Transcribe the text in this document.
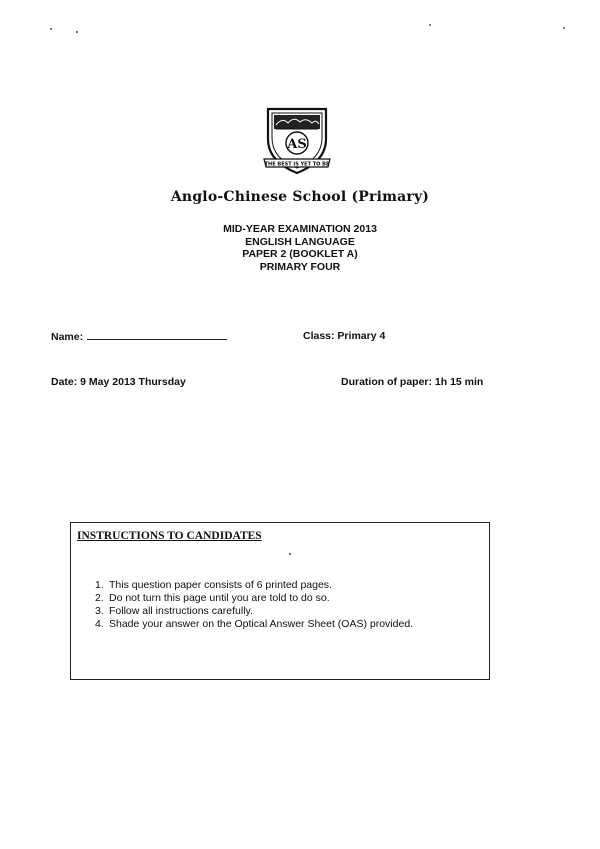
AS
THE BEST IS YET TO BE
Anglo-Chinese School (Primary)
MID-YEAR EXAMINATION 2013
ENGLISH LANGUAGE
PAPER 2 (BOOKLET A)
PRIMARY FOUR
Name:	Class: Primary 4
Date: 9 May 2013 Thursday	Duration of paper: 1h 15 min
INSTRUCTIONS TO CANDIDATES
1. This question paper consists of 6 printed pages.
2. Do not turn this page until you are told to do so.
3. Follow all instructions carefully.
4. Shade your answer on the Optical Answer Sheet (OAS) provided.
